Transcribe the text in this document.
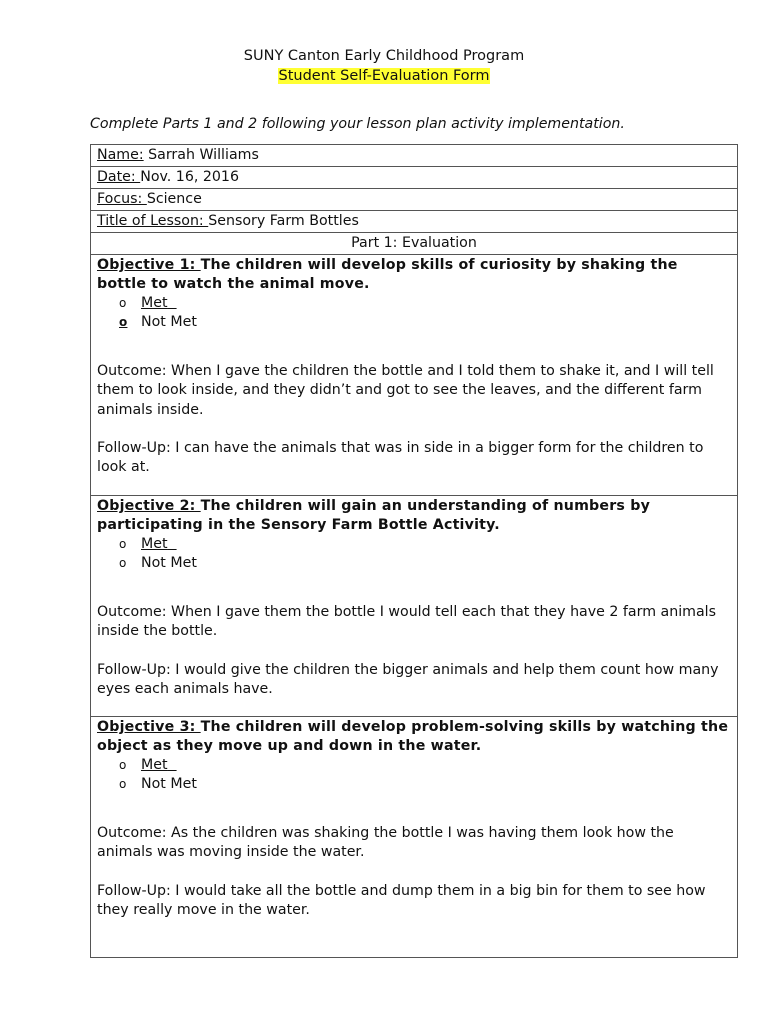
SUNY Canton Early Childhood Program
Student Self-Evaluation Form
Complete Parts 1 and 2 following your lesson plan activity implementation.
Name: Sarrah Williams
Date: Nov. 16, 2016
Focus: Science
Title of Lesson: Sensory Farm Bottles
Part 1: Evaluation

Objective 1: The children will develop skills of curiosity by shaking the bottle to watch the animal move.
o Met
o Not Met
Outcome: When I gave the children the bottle and I told them to shake it, and I will tell them to look inside, and they didn’t and got to see the leaves, and the different farm animals inside.
Follow-Up: I can have the animals that was in side in a bigger form for the children to look at.

Objective 2: The children will gain an understanding of numbers by participating in the Sensory Farm Bottle Activity.
o Met
o Not Met
Outcome: When I gave them the bottle I would tell each that they have 2 farm animals inside the bottle.
Follow-Up: I would give the children the bigger animals and help them count how many eyes each animals have.

Objective 3: The children will develop problem-solving skills by watching the object as they move up and down in the water.
o Met
o Not Met
Outcome: As the children was shaking the bottle I was having them look how the animals was moving inside the water.
Follow-Up: I would take all the bottle and dump them in a big bin for them to see how they really move in the water.
